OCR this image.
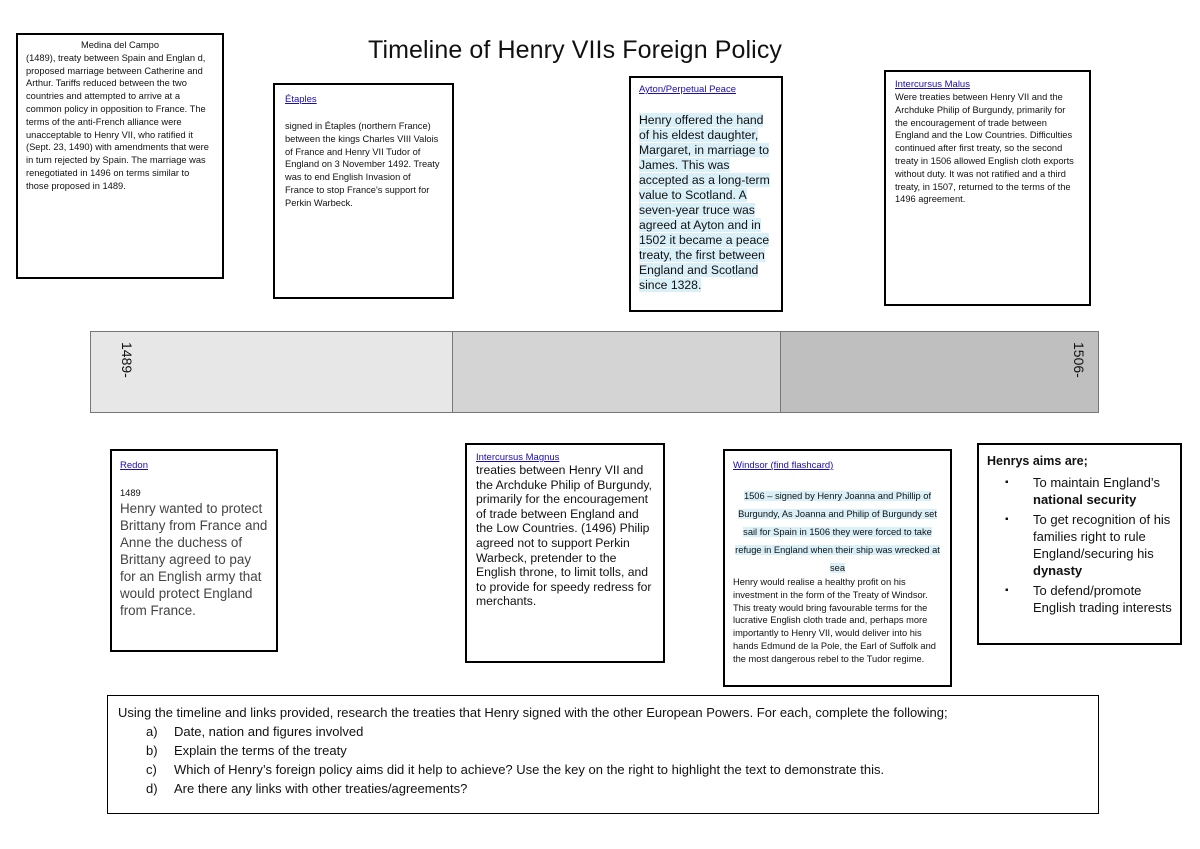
Timeline of Henry VIIs Foreign Policy
Medina del Campo
(1489), treaty between Spain and Englan d, proposed marriage between Catherine and Arthur. Tariffs reduced between the two countries and attempted to arrive at a common policy in opposition to France. The terms of the anti-French alliance were unacceptable to Henry VII, who ratified it (Sept. 23, 1490) with amendments that were in turn rejected by Spain. The marriage was renegotiated in 1496 on terms similar to those proposed in 1489.
Étaples
signed in Étaples (northern France) between the kings Charles VIII Valois of France and Henry VII Tudor of England on 3 November 1492. Treaty was to end English Invasion of France to stop France's support for Perkin Warbeck.
Ayton/Perpetual Peace
Henry offered the hand of his eldest daughter, Margaret, in marriage to James. This was accepted as a long-term value to Scotland. A seven-year truce was agreed at Ayton and in 1502 it became a peace treaty, the first between England and Scotland since 1328.
Intercursus Malus
Were treaties between Henry VII and the Archduke Philip of Burgundy, primarily for the encouragement of trade between England and the Low Countries. Difficulties continued after first treaty, so the second treaty in 1506 allowed English cloth exports without duty. It was not ratified and a third treaty, in 1507, returned to the terms of the 1496 agreement.
1489-	1506-
Redon
1489
Henry wanted to protect Brittany from France and Anne the duchess of Brittany agreed to pay for an English army that would protect England from France.
Intercursus Magnus
treaties between Henry VII and the Archduke Philip of Burgundy, primarily for the encouragement of trade between England and the Low Countries. (1496) Philip agreed not to support Perkin Warbeck, pretender to the English throne, to limit tolls, and to provide for speedy redress for merchants.
Windsor (find flashcard)
1506 – signed by Henry Joanna and Phillip of Burgundy, As Joanna and Philip of Burgundy set sail for Spain in 1506 they were forced to take refuge in England when their ship was wrecked at sea
Henry would realise a healthy profit on his investment in the form of the Treaty of Windsor. This treaty would bring favourable terms for the lucrative English cloth trade and, perhaps more importantly to Henry VII, would deliver into his hands Edmund de la Pole, the Earl of Suffolk and the most dangerous rebel to the Tudor regime.
Henrys aims are;
▪ To maintain England’s national security
▪ To get recognition of his families right to rule England/securing his dynasty
▪ To defend/promote English trading interests
Using the timeline and links provided, research the treaties that Henry signed with the other European Powers. For each, complete the following;
a) Date, nation and figures involved
b) Explain the terms of the treaty
c) Which of Henry’s foreign policy aims did it help to achieve? Use the key on the right to highlight the text to demonstrate this.
d) Are there any links with other treaties/agreements?
